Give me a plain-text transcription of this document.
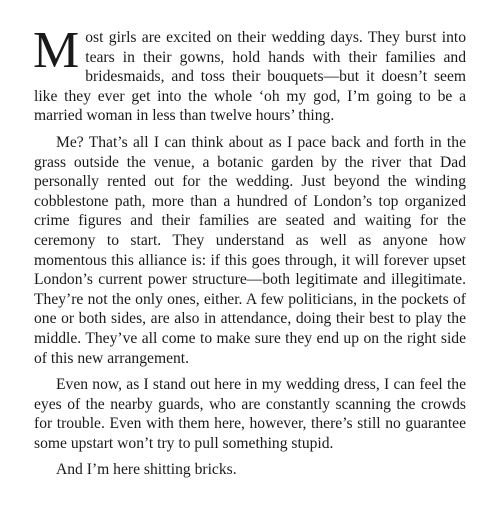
Most girls are excited on their wedding days. They burst into tears in their gowns, hold hands with their families and bridesmaids, and toss their bouquets—but it doesn’t seem like they ever get into the whole ‘oh my god, I’m going to be a married woman in less than twelve hours’ thing.

Me? That’s all I can think about as I pace back and forth in the grass outside the venue, a botanic garden by the river that Dad personally rented out for the wedding. Just beyond the winding cobblestone path, more than a hundred of London’s top organized crime figures and their families are seated and waiting for the ceremony to start. They understand as well as anyone how momentous this alliance is: if this goes through, it will forever upset London’s current power structure—both legitimate and illegitimate. They’re not the only ones, either. A few politicians, in the pockets of one or both sides, are also in attendance, doing their best to play the middle. They’ve all come to make sure they end up on the right side of this new arrangement.

Even now, as I stand out here in my wedding dress, I can feel the eyes of the nearby guards, who are constantly scanning the crowds for trouble. Even with them here, however, there’s still no guarantee some upstart won’t try to pull something stupid.

And I’m here shitting bricks.
